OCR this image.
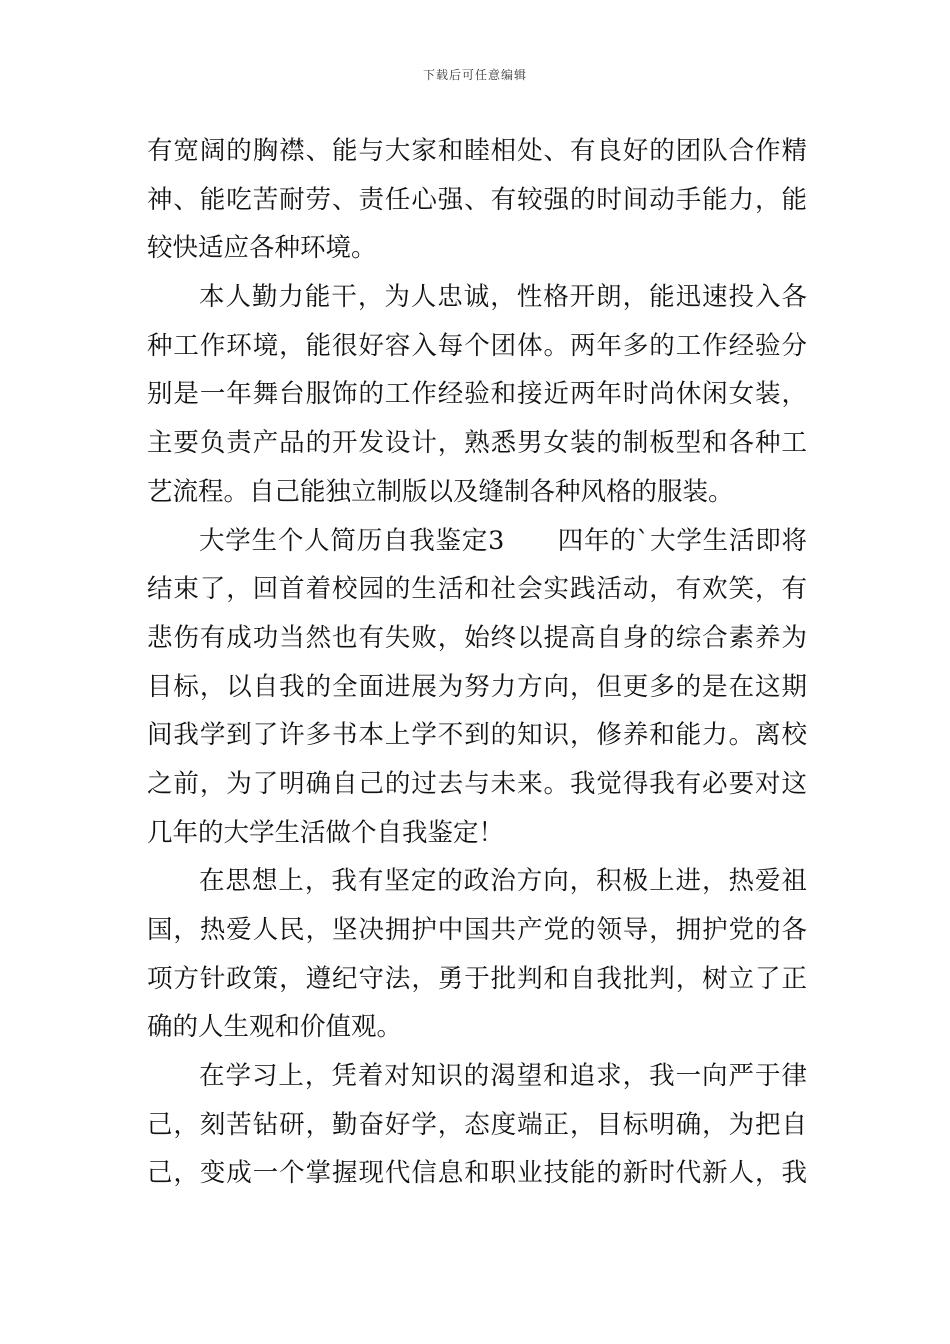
下载后可任意编辑
有宽阔的胸襟、能与大家和睦相处、有良好的团队合作精
神、能吃苦耐劳、责任心强、有较强的时间动手能力，能
较快适应各种环境。
本人勤力能干，为人忠诚，性格开朗，能迅速投入各
种工作环境，能很好容入每个团体。两年多的工作经验分
别是一年舞台服饰的工作经验和接近两年时尚休闲女装，
主要负责产品的开发设计，熟悉男女装的制板型和各种工
艺流程。自己能独立制版以及缝制各种风格的服装。
大学生个人简历自我鉴定3　　四年的`大学生活即将
结束了，回首着校园的生活和社会实践活动，有欢笑，有
悲伤有成功当然也有失败，始终以提高自身的综合素养为
目标，以自我的全面进展为努力方向，但更多的是在这期
间我学到了许多书本上学不到的知识，修养和能力。离校
之前，为了明确自己的过去与未来。我觉得我有必要对这
几年的大学生活做个自我鉴定！
在思想上，我有坚定的政治方向，积极上进，热爱祖
国，热爱人民，坚决拥护中国共产党的领导，拥护党的各
项方针政策，遵纪守法，勇于批判和自我批判，树立了正
确的人生观和价值观。
在学习上，凭着对知识的渴望和追求，我一向严于律
己，刻苦钻研，勤奋好学，态度端正，目标明确，为把自
己，变成一个掌握现代信息和职业技能的新时代新人，我
